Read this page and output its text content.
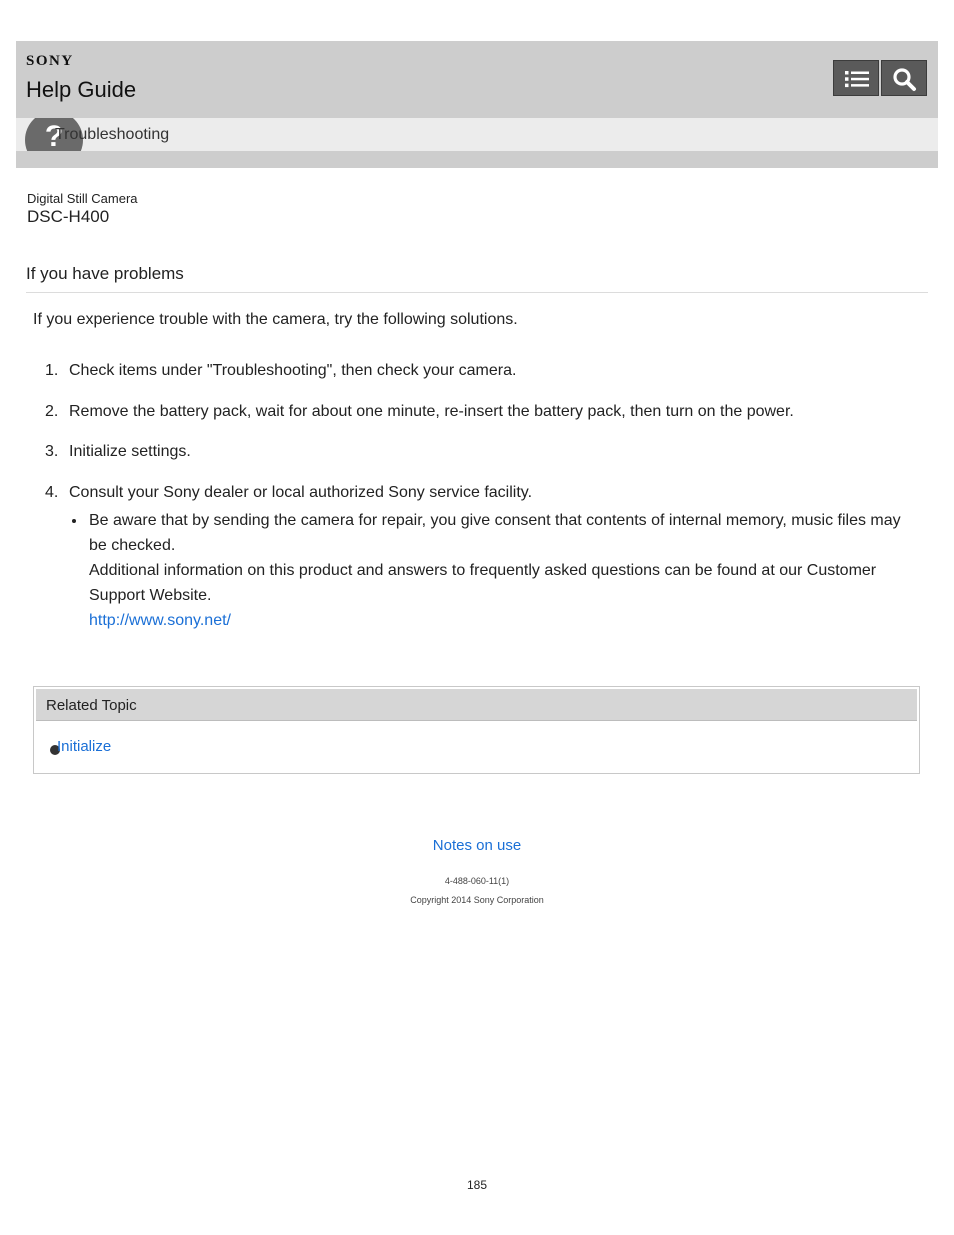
SONY
Help Guide
?
Troubleshooting
Digital Still Camera
DSC-H400
If you have problems
If you experience trouble with the camera, try the following solutions.
1. Check items under "Troubleshooting", then check your camera.
2. Remove the battery pack, wait for about one minute, re-insert the battery pack, then turn on the power.
3. Initialize settings.
4. Consult your Sony dealer or local authorized Sony service facility.
Be aware that by sending the camera for repair, you give consent that contents of internal memory, music files may be checked.
Additional information on this product and answers to frequently asked questions can be found at our Customer Support Website.
http://www.sony.net/
Related Topic
Initialize
Notes on use
4-488-060-11(1)
Copyright 2014 Sony Corporation
185
